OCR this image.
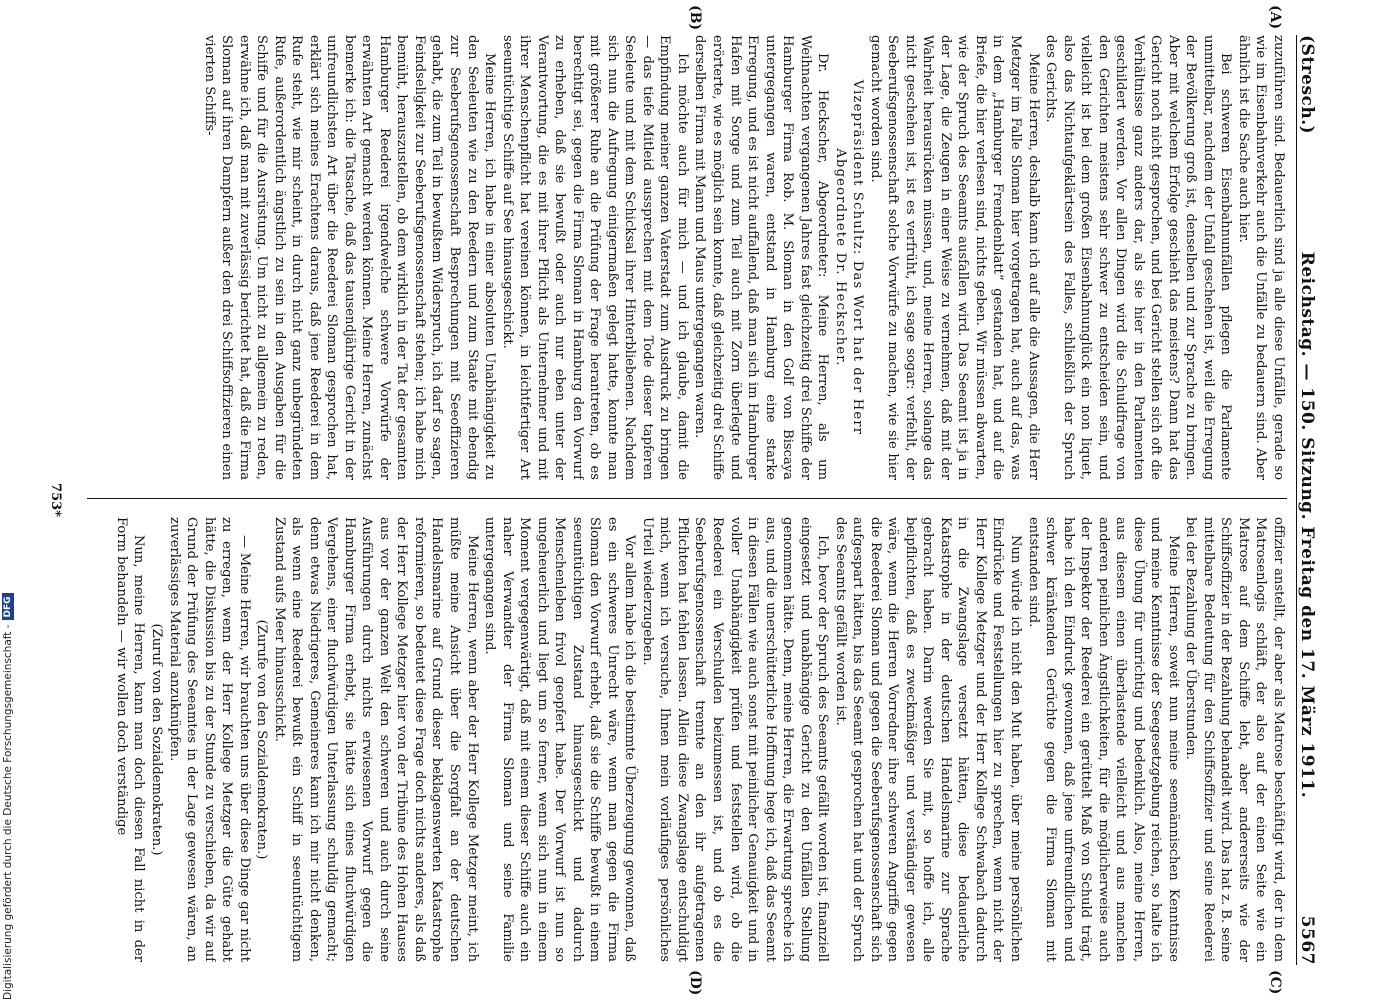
(Stresch.)
Reichstag. — 150. Sitzung. Freitag den 17. März 1911.
5567
(A)
(B)
(C)
(D)

zuzuführen sind. Bedauerlich sind ja alle diese Unfälle, gerade so wie im Eisenbahnverkehr auch die Unfälle zu bedauern sind. Aber ähnlich ist die Sache auch hier.

Bei schweren Eisenbahnunfällen pflegen die Parlamente unmittelbar, nachdem der Unfall geschehen ist, weil die Erregung der Bevölkerung groß ist, denselben und zur Sprache zu bringen. Aber mit welchem Erfolge geschieht das meistens? Dann hat das Gericht noch nicht gesprochen, und bei Gericht stellen sich oft die Verhältnisse ganz anders dar, als sie hier in den Parlamenten geschildert werden. Vor allen Dingen wird die Schuldfrage von den Gerichten meistens sehr schwer zu entscheiden sein, und vielleicht ist bei dem großen Eisenbahnunglück ein non liquet, also das Nichtaufgeklärtsein des Falles, schließlich der Spruch des Gerichts.

Meine Herren, deshalb kann ich auf alle die Aussagen, die Herr Metzger im Falle Sloman hier vorgetragen hat, auch auf das, was in dem „Hamburger Fremdenblatt“ gestanden hat, und auf die Briefe, die hier verlesen sind, nichts geben. Wir müssen abwarten, wie der Spruch des Seeamts ausfallen wird. Das Seeamt ist ja in der Lage, die Zeugen in einer Weise zu vernehmen, daß mit der Wahrheit herausrücken müssen, und, meine Herren, solange das nicht geschehen ist, ist es verfrüht, ich sage sogar: verfehlt, der Seeberufsgenossenschaft solche Vorwürfe zu machen, wie sie hier gemacht worden sind.

Vizepräsident Schultz: Das Wort hat der Herr Abgeordnete Dr. Heckscher.

Dr. Heckscher, Abgeordneter: Meine Herren, als um Weihnachten vergangenen Jahres fast gleichzeitig drei Schiffe der Hamburger Firma Rob. M. Sloman in den Golf von Biscaya untergegangen waren, entstand in Hamburg eine starke Erregung, und es ist nicht auffallend, daß man sich im Hamburger Hafen mit Sorge und zum Teil auch mit Zorn überlegte und erörterte, wie es möglich sein konnte, daß gleichzeitig drei Schiffe derselben Firma mit Mann und Maus untergegangen waren.

Ich möchte auch für mich — und ich glaube, damit die Empfindung meiner ganzen Vaterstadt zum Ausdruck zu bringen — das tiefe Mitleid aussprechen mit dem Tode dieser tapferen Seeleute und mit dem Schicksal ihrer Hinterbliebenen. Nachdem sich nun die Aufregung einigermaßen gelegt hatte, konnte man mit größerer Ruhe an die Prüfung der Frage herantreten, ob es berechtigt sei, gegen die Firma Sloman in Hamburg den Vorwurf zu erheben, daß sie bewußt oder auch nur eben unter der Verantwortung, die es mit ihrer Pflicht als Unternehmer und mit ihrer Menschenpflicht hat vereinen können, in leichtfertiger Art seeuntüchtige Schiffe auf See hinausgeschickt.

Meine Herren, ich habe in einer absoluten Unabhängigkeit zu den Seeleuten wie zu den Reedern und zum Staate mit ebendig zur Seeberufsgenossenschaft Besprechungen mit Seeoffizieren gehabt, die zum Teil in bewußtem Widerspruch, ich darf so sagen, Feindseligkeit zur Seeberufsgenossenschaft stehen; ich habe mich bemüht, herauszustellen, ob dem wirklich in der Tat der gesamten Hamburger Reederei irgendwelche schwere Vorwürfe der erwähnten Art gemacht werden können. Meine Herren, zunächst bemerke ich: die Tatsache, daß das tausendjährige Gericht in der unfreundlichsten Art über die Reederei Sloman gesprochen hat, erklärt sich meines Erachtens daraus, daß jene Reederei in dem Rufe steht, wie mir scheint, in durch nicht ganz unbegründeten Rufe, außerordentlich ängstlich zu sein in den Ausgaben für die Schiffe und für die Ausrüstung. Um nicht zu allgemein zu reden, erwähne ich, daß man mit zuverlässig berichtet hat, daß die Firma Sloman auf ihren Dampfern außer den drei Schiffsoffizieren einen vierten Schiffs-

offizier anstellt, der aber als Matrose beschäftigt wird, der in dem Matrosenlogis schläft, der also auf der einen Seite wie ein Matrose auf dem Schiffe lebt, aber andererseits wie der Schiffsoffizier in der Bezahlung behandelt wird. Das hat z. B. seine mittelbare Bedeutung für den Schiffsoffizier und seine Reederei bei der Bezahlung der Überstunden.

Meine Herren, soweit nun meine seemännischen Kenntnisse und meine Kenntnisse der Seegesetzgebung reichen, so halte ich diese Übung für unrichtig und bedenklich. Also, meine Herren, aus diesem einen überlastende vielleicht und aus manchen anderen peinlichen Ängstlichkeiten, für die möglicherweise auch der Inspektor der Reederei ein gerüttelt Maß von Schuld trägt, habe ich den Eindruck gewonnen, daß jene unfreundlichen und schwer kränkenden Gerüchte gegen die Firma Sloman mit entstanden sind.

Nun würde ich nicht den Mut haben, über meine persönlichen Eindrücke und Feststellungen hier zu sprechen, wenn nicht der Herr Kollege Metzger und der Herr Kollege Schwabach dadurch in die Zwangslage versetzt hätten, diese bedauerliche Katastrophe in der deutschen Handelsmarine zur Sprache gebracht haben. Darin werden Sie mit, so hoffe ich, alle beipflichten, daß es zweckmäßiger und verständiger gewesen wäre, wenn die Herren Vorredner ihre schweren Angriffe gegen die Reederei Sloman und gegen die Seeberufsgenossenschaft sich aufgespart hätten, bis das Seeamt gesprochen hat und der Spruch des Seeamts gefällt worden ist.

Ich, bevor der Spruch des Seeamts gefällt worden ist, finanziell eingesetzt und unabhängige Gericht zu den Unfällen Stellung genommen hätte. Denn, meine Herren, die Erwartung spreche ich aus, und die unerschütterliche Hoffnung hege ich, daß das Seeamt in diesen Fällen wie auch sonst mit peinlicher Genauigkeit und in voller Unabhängigkeit prüfen und feststellen wird, ob die Reederei ein Verschulden beizumessen ist, und ob es die Seeberufsgenossenschaft trennte an den ihr aufgetragenen Pflichten hat fehlen lassen. Allein diese Zwangslage entschuldigt mich, wenn ich versuche, Ihnen mein vorläufiges persönliches Urteil wiederzugeben.

Vor allem habe ich die bestimmte Überzeugung gewonnen, daß es ein schweres Unrecht wäre, wenn man gegen die Firma Sloman den Vorwurf erhebt, daß sie die Schiffe bewußt in einem seeuntüchtigen Zustand hinausgeschickt und dadurch Menschenleben frivol geopfert habe. Der Vorwurf ist nun so ungeheuerlich und liegt um so ferner, wenn sich nun in einem Moment vergegenwärtigt, daß mit einem dieser Schiffe auch ein naher Verwandter der Firma Sloman und seine Familie untergegangen sind.

Meine Herren, wenn aber der Herr Kollege Metzger meint, ich müßte meine Ansicht über die Sorgfalt an der deutschen Handelsmarine auf Grund dieser beklagenswerten Katastrophe reformieren, so bedeutet diese Frage doch nichts anderes, als daß der Herr Kollege Metzger hier von der Tribüne des Hohen Hauses aus vor der ganzen Welt den schweren und auch durch seine Ausführungen durch nichts erwiesenen Vorwurf gegen die Hamburger Firma erhebt, sie hätte sich eines fluchwürdigen Vergehens, einer fluchwürdigen Unterlassung schuldig gemacht; denn etwas Niedrigeres, Gemeineres kann ich mir nicht denken, als wenn eine Reederei bewußt ein Schiff in seeuntüchtigem Zustand aufs Meer hinausschickt.

(Zurufe von den Sozialdemokraten.)

— Meine Herren, wir brauchten uns über diese Dinge gar nicht zu erregen, wenn der Herr Kollege Metzger die Güte gehabt hätte, die Diskussion bis zu der Stunde zu verschieben, da wir auf Grund der Prüfung des Seeamtes in der Lage gewesen wären, an zuverlässiges Material anzuknüpfen.

(Zuruf von den Sozialdemokraten.)

Nun, meine Herren, kann man doch diesen Fall nicht in der Form behandeln — wir wollen doch verständige

753*
Digitalisierung gefördert durch die Deutsche Forschungsgemeinschaft -
DFG
